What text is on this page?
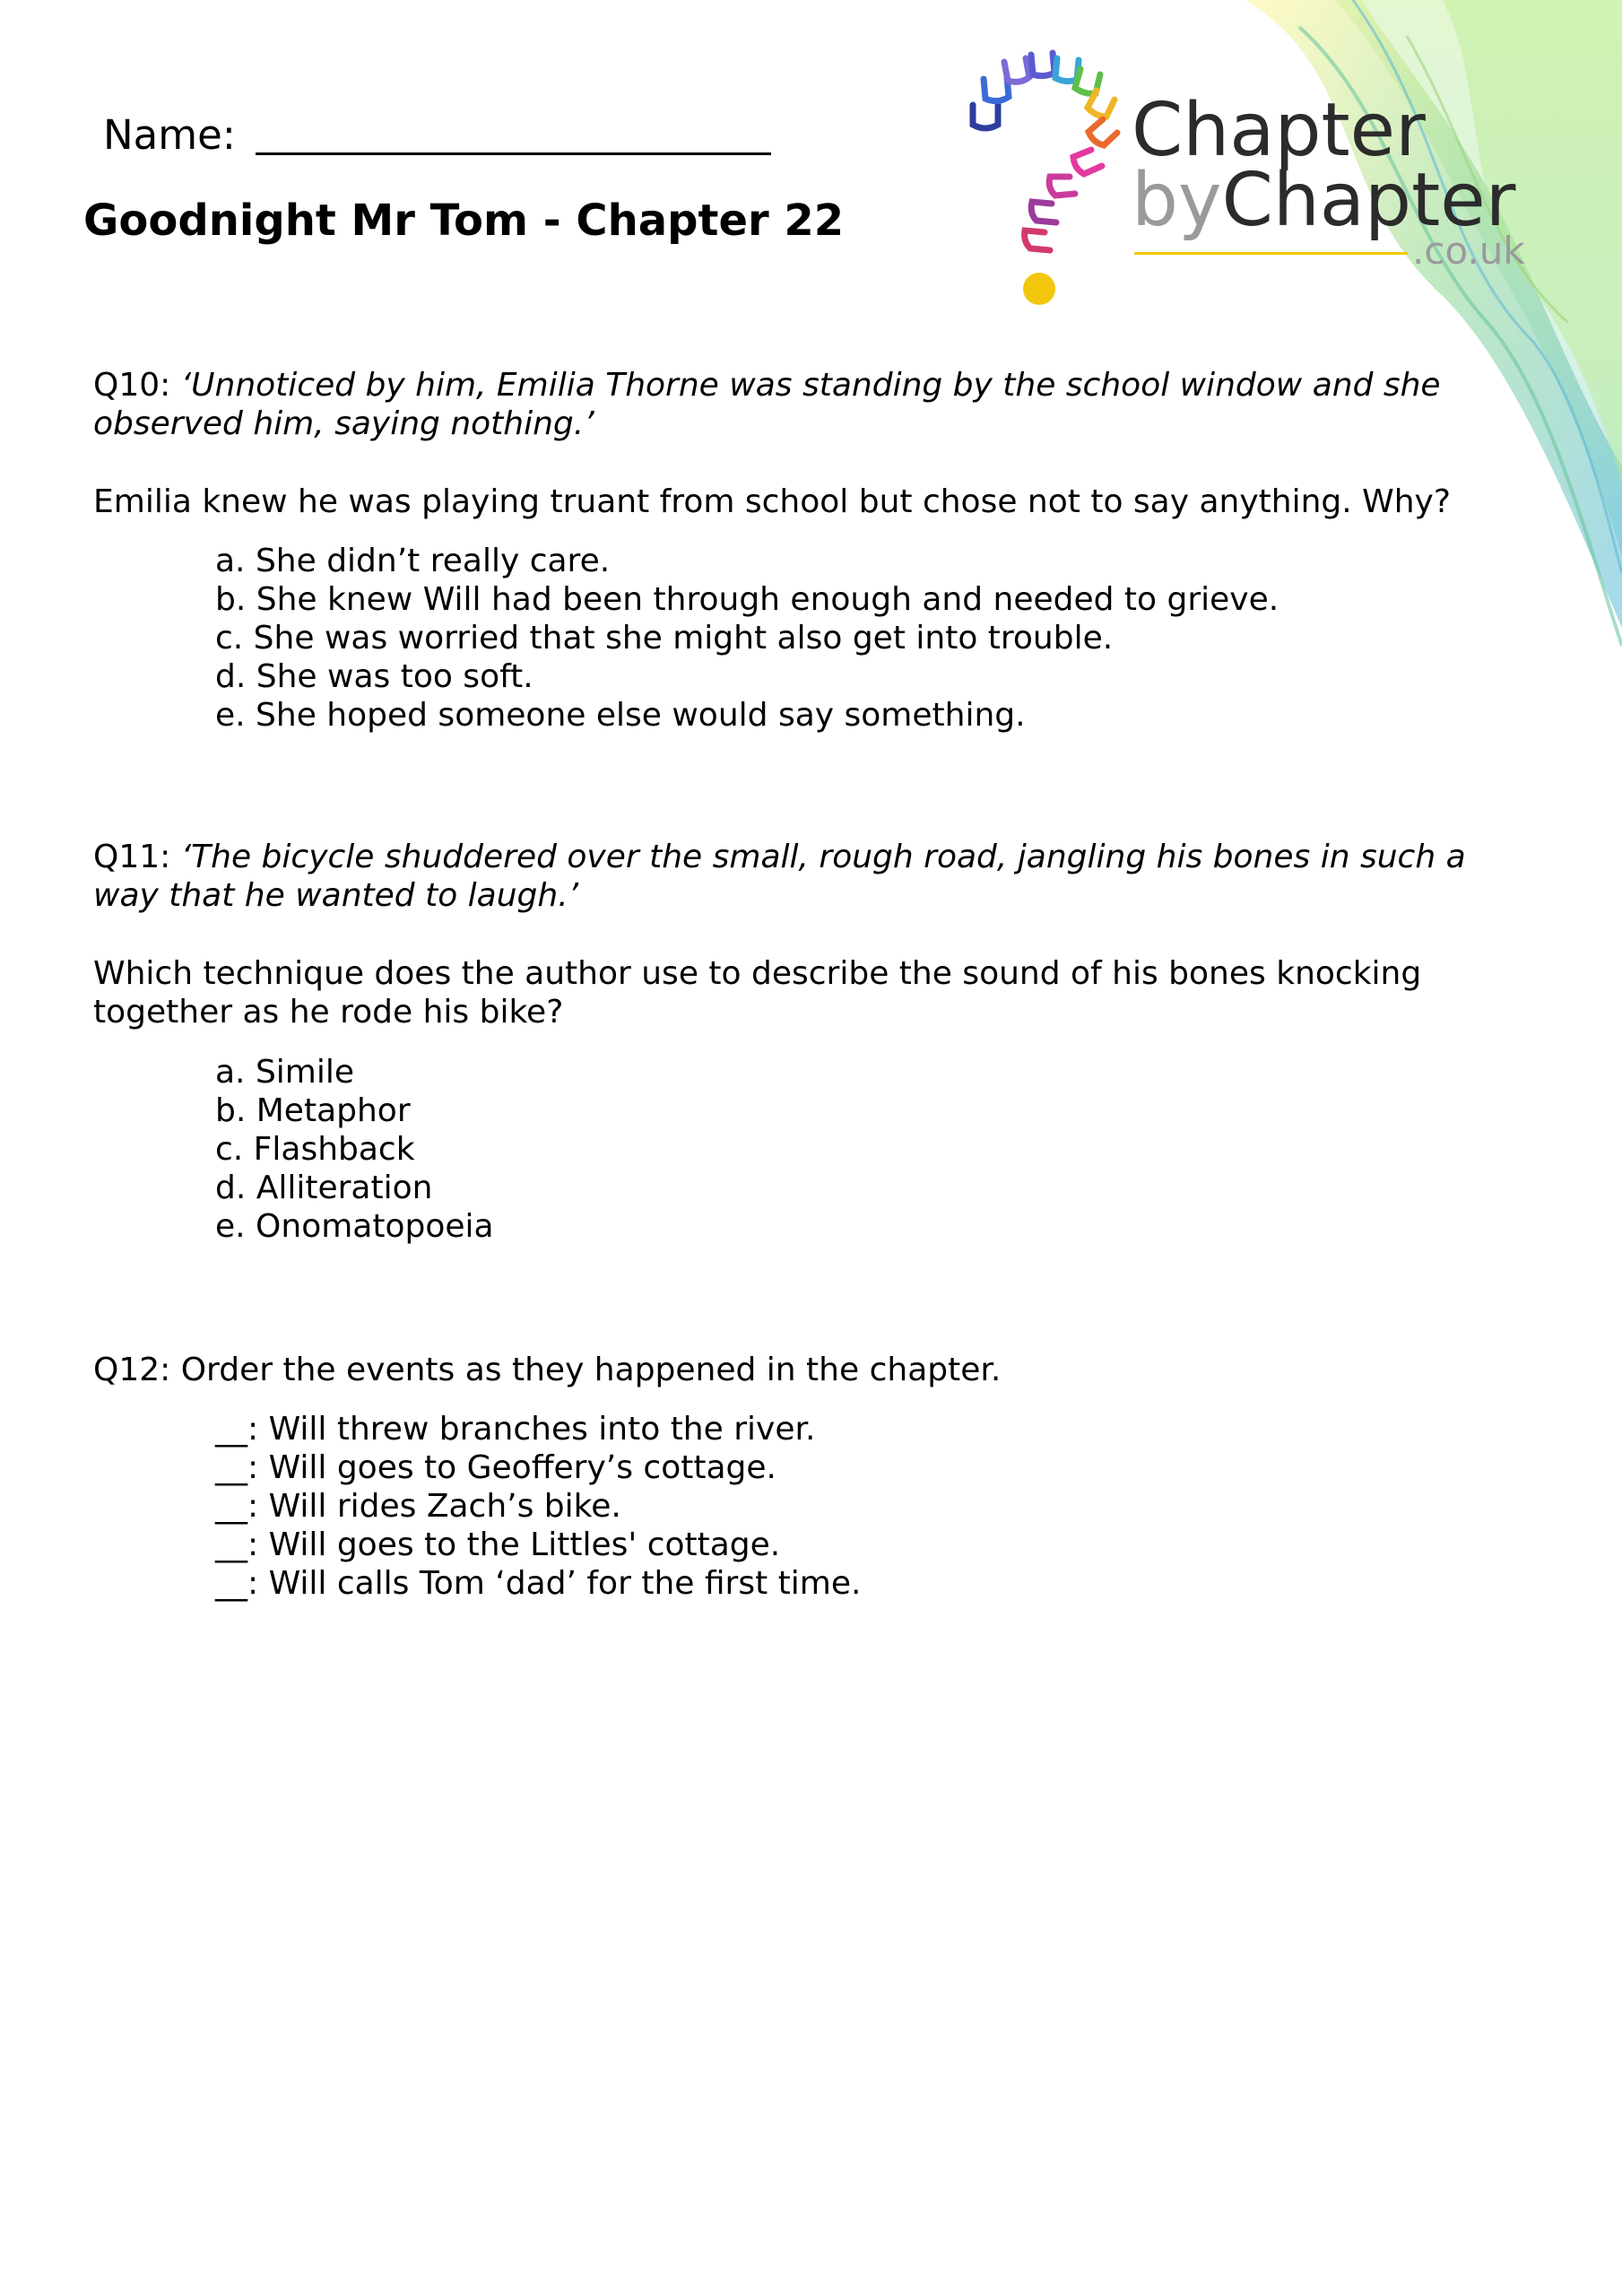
Chapter
byChapter
.co.uk
Name:
Goodnight Mr Tom - Chapter 22

Q10: ‘Unnoticed by him, Emilia Thorne was standing by the school window and she observed him, saying nothing.’

Emilia knew he was playing truant from school but chose not to say anything. Why?
a. She didn’t really care.
b. She knew Will had been through enough and needed to grieve.
c. She was worried that she might also get into trouble.
d. She was too soft.
e. She hoped someone else would say something.

Q11: ‘The bicycle shuddered over the small, rough road, jangling his bones in such a way that he wanted to laugh.’

Which technique does the author use to describe the sound of his bones knocking together as he rode his bike?
a. Simile
b. Metaphor
c. Flashback
d. Alliteration
e. Onomatopoeia

Q12: Order the events as they happened in the chapter.

__: Will threw branches into the river.
__: Will goes to Geoffery’s cottage.
__: Will rides Zach’s bike.
__: Will goes to the Littles' cottage.
__: Will calls Tom ‘dad’ for the first time.
